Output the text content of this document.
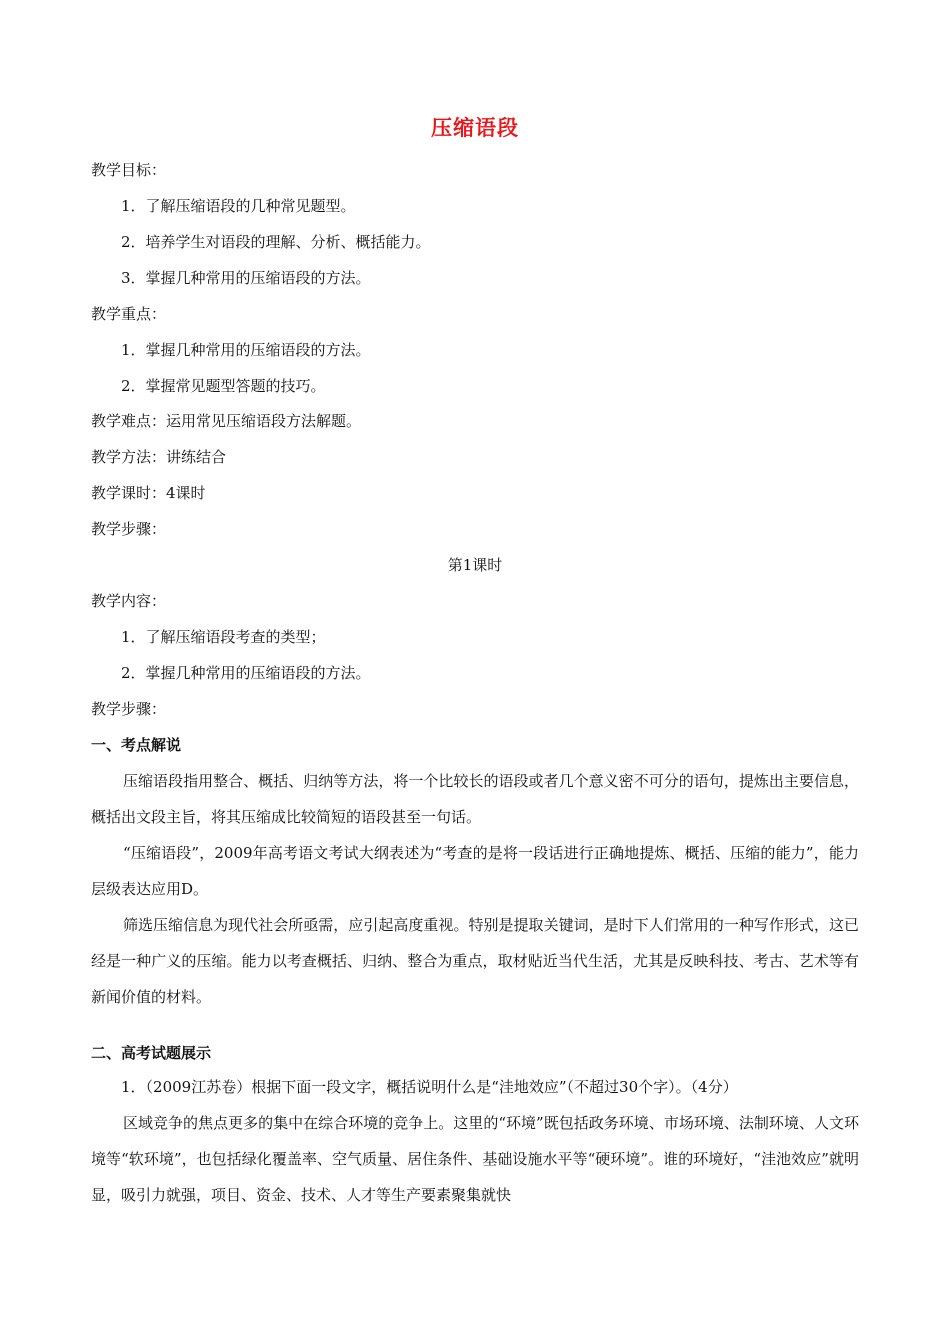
压缩语段
教学目标：
1．了解压缩语段的几种常见题型。
2．培养学生对语段的理解、分析、概括能力。
3．掌握几种常用的压缩语段的方法。
教学重点：
1．掌握几种常用的压缩语段的方法。
2．掌握常见题型答题的技巧。
教学难点：运用常见压缩语段方法解题。
教学方法：讲练结合
教学课时：4课时
教学步骤：
第1课时
教学内容：
1．了解压缩语段考查的类型；
2．掌握几种常用的压缩语段的方法。
教学步骤：
一、考点解说
压缩语段指用整合、概括、归纳等方法，将一个比较长的语段或者几个意义密不可分的语句，提炼出主要信息，概括出文段主旨，将其压缩成比较简短的语段甚至一句话。
“压缩语段”，2009年高考语文考试大纲表述为“考查的是将一段话进行正确地提炼、概括、压缩的能力”，能力层级表达应用D。
筛选压缩信息为现代社会所亟需，应引起高度重视。特别是提取关键词，是时下人们常用的一种写作形式，这已经是一种广义的压缩。能力以考查概括、归纳、整合为重点，取材贴近当代生活，尤其是反映科技、考古、艺术等有新闻价值的材料。
二、高考试题展示
1．（2009江苏卷）根据下面一段文字，概括说明什么是“洼地效应”（不超过30个字）。（4分）
区域竞争的焦点更多的集中在综合环境的竞争上。这里的“环境”既包括政务环境、市场环境、法制环境、人文环境等“软环境”，也包括绿化覆盖率、空气质量、居住条件、基础设施水平等“硬环境”。谁的环境好，“洼池效应”就明显，吸引力就强，项目、资金、技术、人才等生产要素聚集就快
